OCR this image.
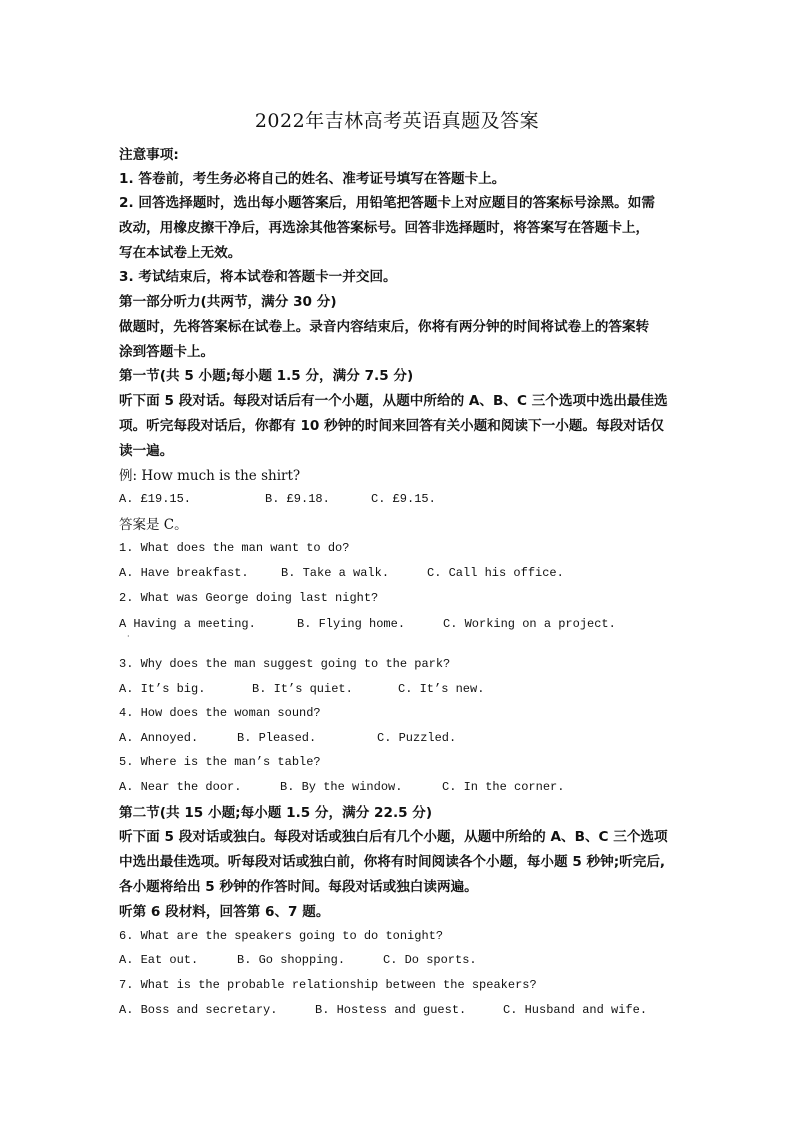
2022年吉林高考英语真题及答案
注意事项:
1. 答卷前，考生务必将自己的姓名、准考证号填写在答题卡上。
2. 回答选择题时，选出每小题答案后，用铅笔把答题卡上对应题目的答案标号涂黑。如需
改动，用橡皮擦干净后，再选涂其他答案标号。回答非选择题时，将答案写在答题卡上，
写在本试卷上无效。
3. 考试结束后，将本试卷和答题卡一并交回。
第一部分听力(共两节，满分 30 分)
做题时，先将答案标在试卷上。录音内容结束后，你将有两分钟的时间将试卷上的答案转
涂到答题卡上。
第一节(共 5 小题;每小题 1.5 分，满分 7.5 分)
听下面 5 段对话。每段对话后有一个小题，从题中所给的 A、B、C 三个选项中选出最佳选
项。听完每段对话后，你都有 10 秒钟的时间来回答有关小题和阅读下一小题。每段对话仅
读一遍。
例: How much is the shirt?
A. £19.15.	B. £9.18.	C. £9.15.
答案是 C。
1. What does the man want to do?
A. Have breakfast.	B. Take a walk.	C. Call his office.
2. What was George doing last night?
A Having a meeting.	B. Flying home.	C. Working on a project.
·
3. Why does the man suggest going to the park?
A. It’s big.	B. It’s quiet.	C. It’s new.
4. How does the woman sound?
A. Annoyed.	B. Pleased.	C. Puzzled.
5. Where is the man’s table?
A. Near the door.	B. By the window.	C. In the corner.
第二节(共 15 小题;每小题 1.5 分，满分 22.5 分)
听下面 5 段对话或独白。每段对话或独白后有几个小题，从题中所给的 A、B、C 三个选项
中选出最佳选项。听每段对话或独白前，你将有时间阅读各个小题，每小题 5 秒钟;听完后,
各小题将给出 5 秒钟的作答时间。每段对话或独白读两遍。
听第 6 段材料，回答第 6、7 题。
6. What are the speakers going to do tonight?
A. Eat out.	B. Go shopping.	C. Do sports.
7. What is the probable relationship between the speakers?
A. Boss and secretary.	B. Hostess and guest.	C. Husband and wife.
